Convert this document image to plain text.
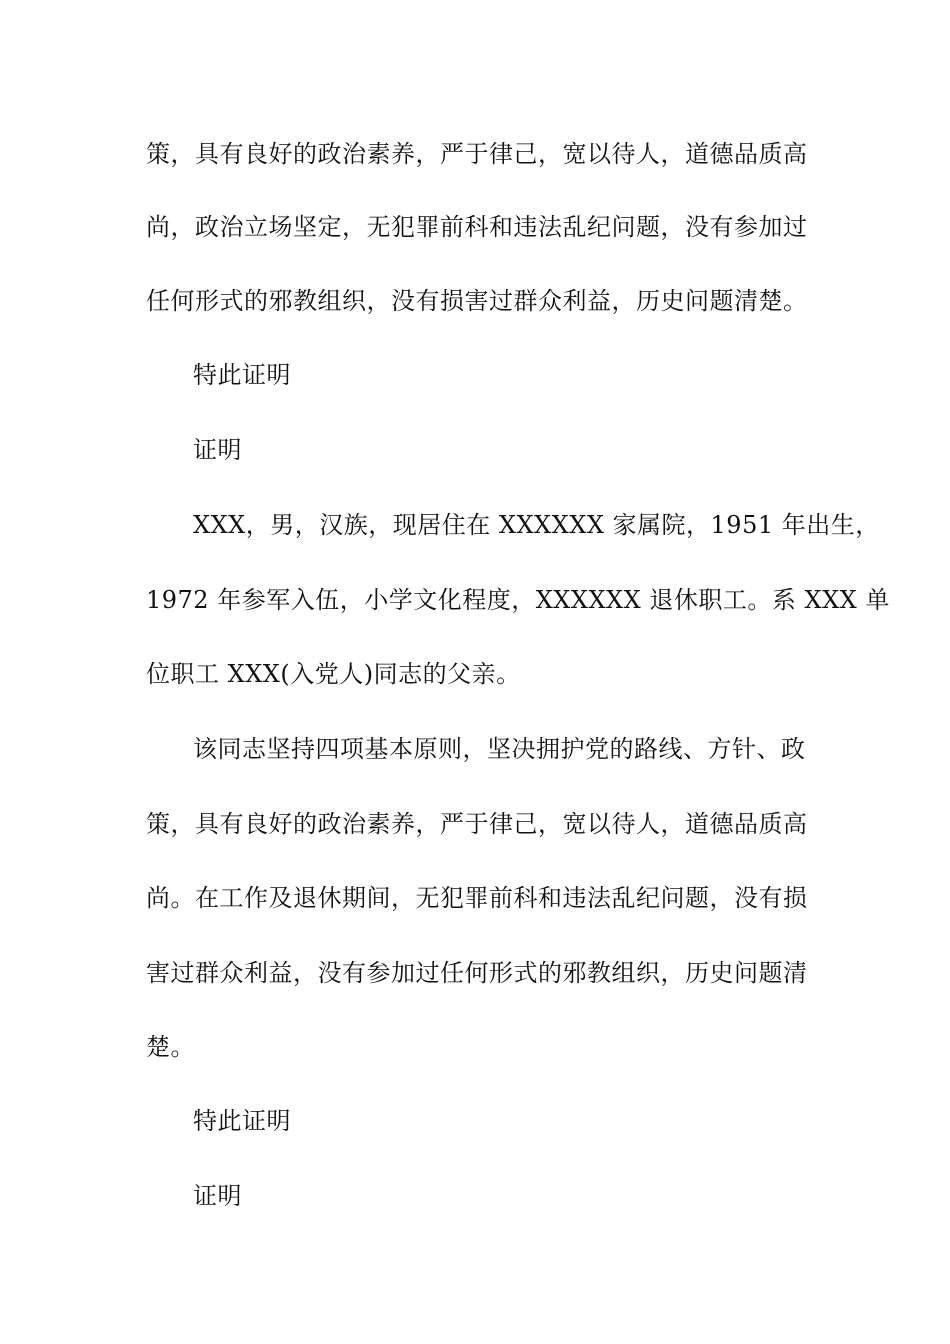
策，具有良好的政治素养，严于律己，宽以待人，道德品质高
尚，政治立场坚定，无犯罪前科和违法乱纪问题，没有参加过
任何形式的邪教组织，没有损害过群众利益，历史问题清楚。
特此证明
证明
XXX，男，汉族，现居住在 XXXXXX 家属院，1951 年出生，
1972 年参军入伍，小学文化程度，XXXXXX 退休职工。系 XXX 单
位职工 XXX(入党人)同志的父亲。
该同志坚持四项基本原则，坚决拥护党的路线、方针、政
策，具有良好的政治素养，严于律己，宽以待人，道德品质高
尚。在工作及退休期间，无犯罪前科和违法乱纪问题，没有损
害过群众利益，没有参加过任何形式的邪教组织，历史问题清
楚。
特此证明
证明
